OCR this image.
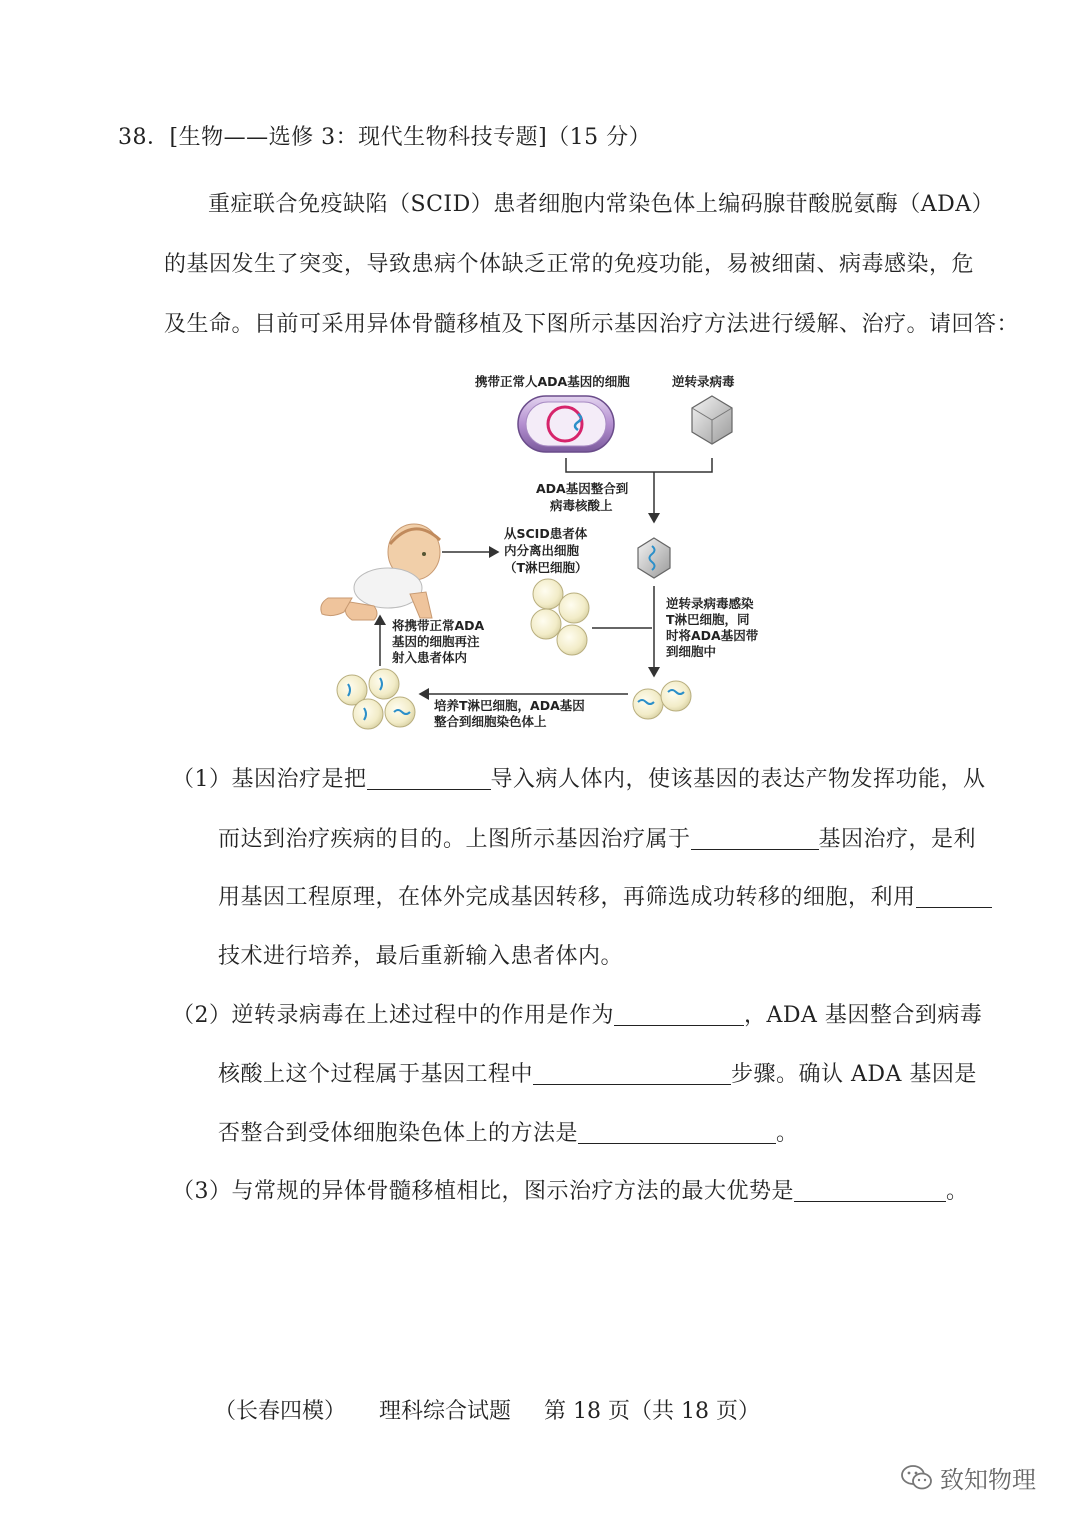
38．[生物——选修 3：现代生物科技专题]（15 分）
重症联合免疫缺陷（SCID）患者细胞内常染色体上编码腺苷酸脱氨酶（ADA）
的基因发生了突变，导致患病个体缺乏正常的免疫功能，易被细菌、病毒感染，危
及生命。目前可采用异体骨髓移植及下图所示基因治疗方法进行缓解、治疗。请回答：
携带正常人ADA基因的细胞	逆转录病毒
ADA基因整合到
病毒核酸上
从SCID患者体
内分离出细胞
（T淋巴细胞）
逆转录病毒感染
T淋巴细胞，同
时将ADA基因带
到细胞中
培养T淋巴细胞，ADA基因
整合到细胞染色体上
将携带正常ADA
基因的细胞再注
射入患者体内
（1）基因治疗是把	导入病人体内，使该基因的表达产物发挥功能，从
而达到治疗疾病的目的。上图所示基因治疗属于	基因治疗，是利
用基因工程原理，在体外完成基因转移，再筛选成功转移的细胞，利用
技术进行培养，最后重新输入患者体内。
（2）逆转录病毒在上述过程中的作用是作为	，ADA 基因整合到病毒
核酸上这个过程属于基因工程中	步骤。确认 ADA 基因是
否整合到受体细胞染色体上的方法是	。
（3）与常规的异体骨髓移植相比，图示治疗方法的最大优势是	。
（长春四模） 理科综合试题 第 18 页（共 18 页）
致知物理
